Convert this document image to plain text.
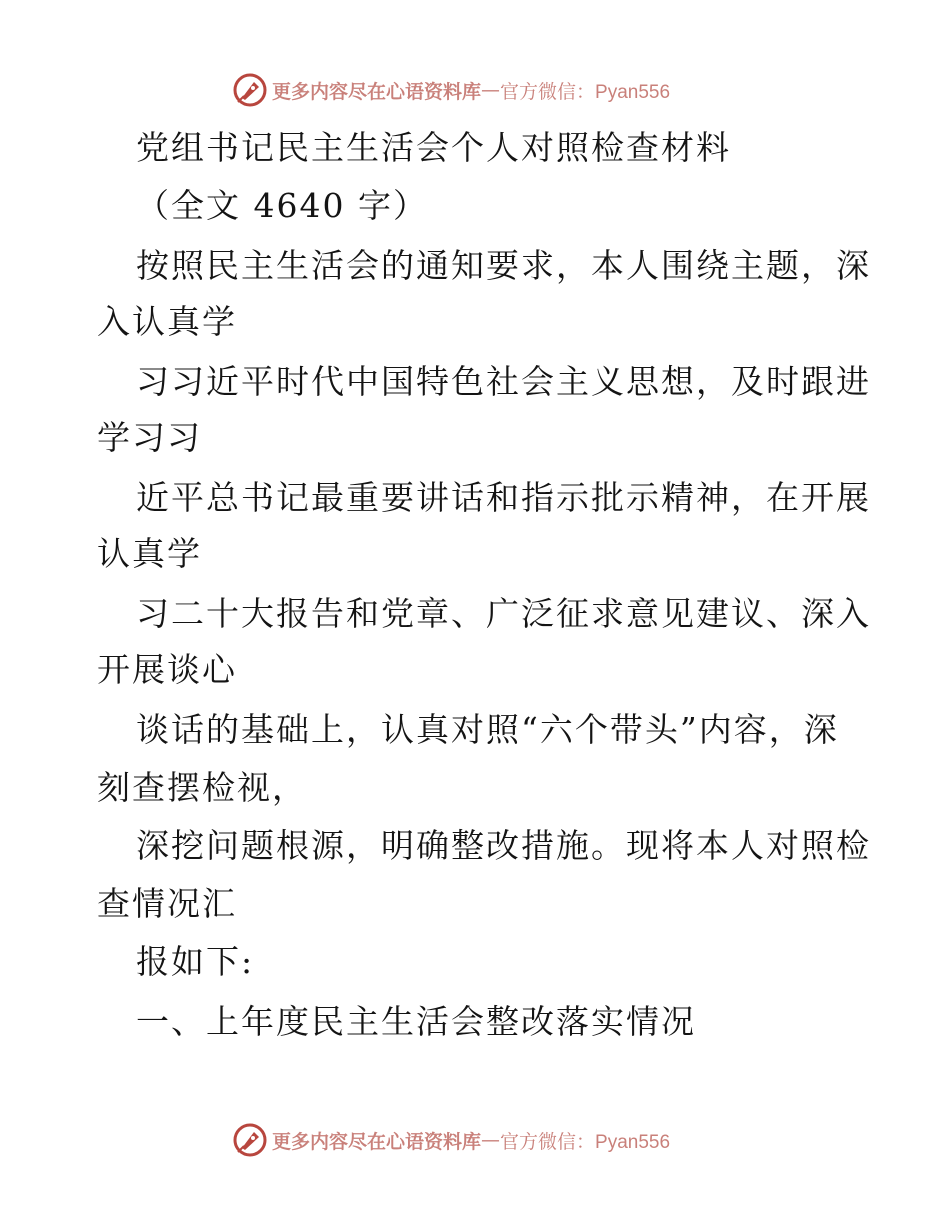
更多内容尽在心语资料库 — 官方微信：Pyan556
党组书记民主生活会个人对照检查材料
（全文 4640 字）
按照民主生活会的通知要求，本人围绕主题，深
入认真学
习习近平时代中国特色社会主义思想，及时跟进
学习习
近平总书记最重要讲话和指示批示精神，在开展
认真学
习二十大报告和党章、广泛征求意见建议、深入
开展谈心
谈话的基础上，认真对照“六个带头”内容，深
刻查摆检视，
深挖问题根源，明确整改措施。现将本人对照检
查情况汇
报如下:
一、上年度民主生活会整改落实情况
更多内容尽在心语资料库 — 官方微信：Pyan556
